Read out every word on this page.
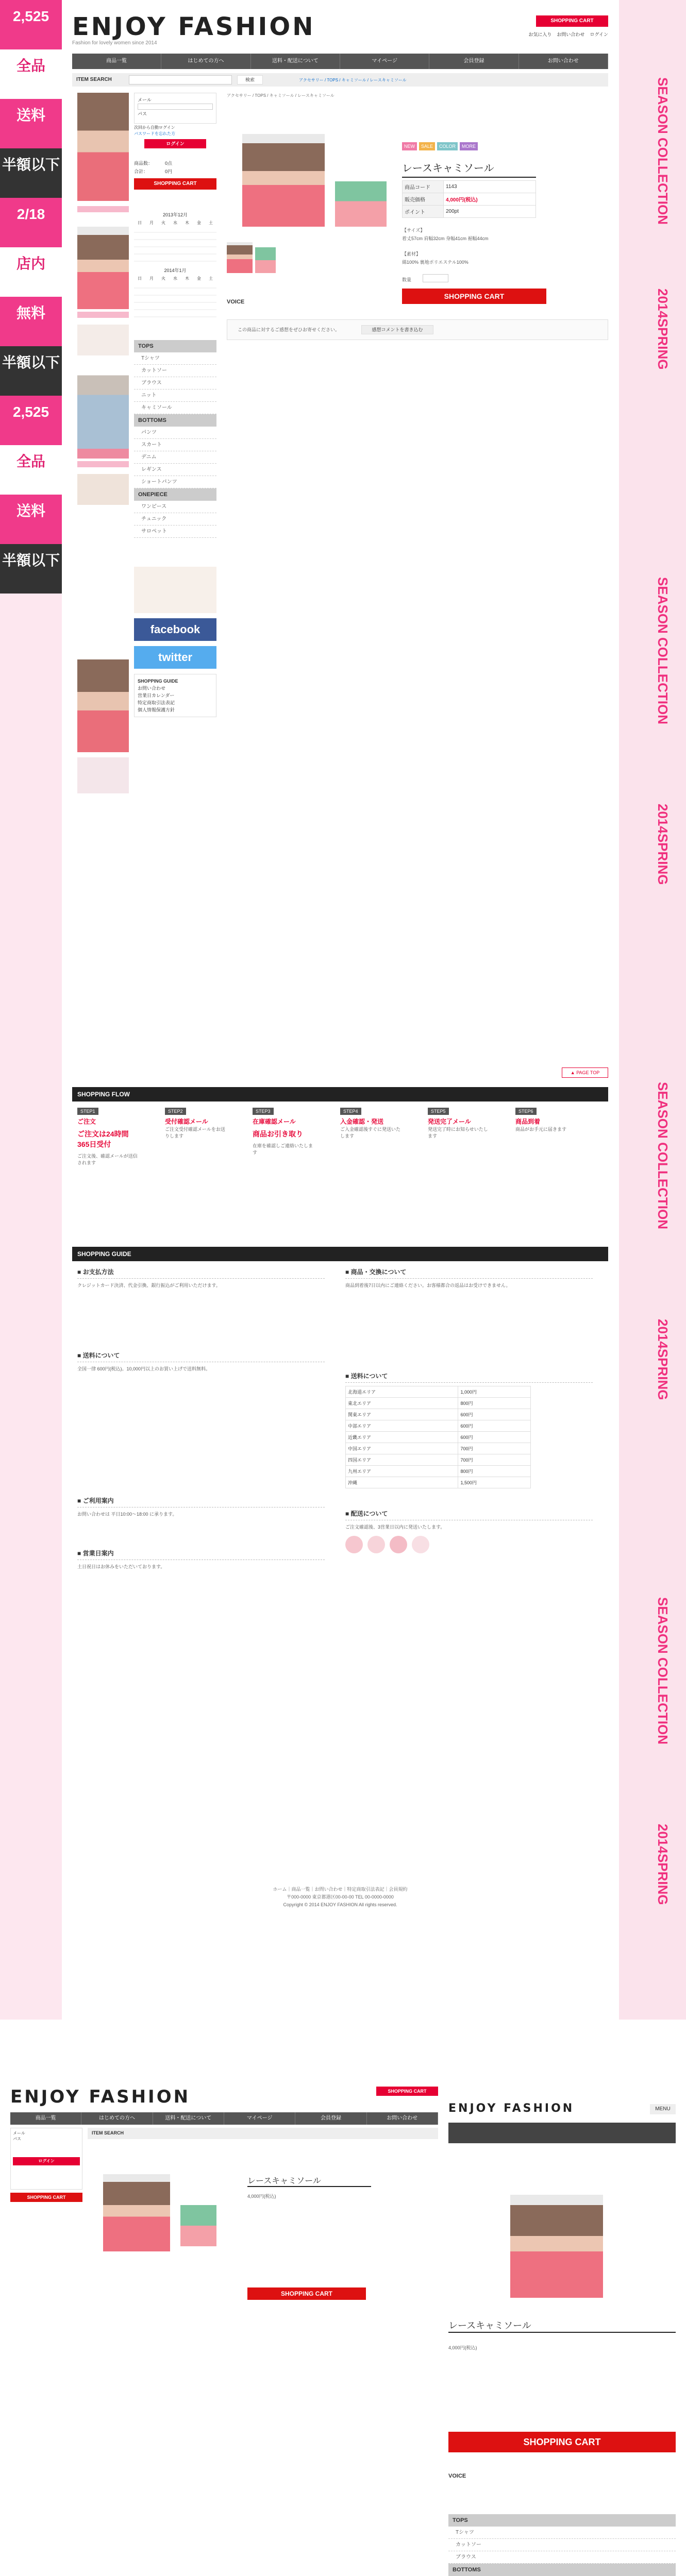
2,525
全品
送料
半額以下
2/18
店内
無料
半額以下
2,525
全品
送料
半額以下
SEASON COLLECTION
2014SPRING
SEASON COLLECTION
2014SPRING
SEASON COLLECTION
2014SPRING
SEASON COLLECTION
2014SPRING
ENJOY FASHION
Fashion for lovely women since 2014
お気に入り お問い合わせ ログイン
SHOPPING CART
商品一覧	はじめての方へ	送料・配送について	マイページ	会員登録	お問い合わせ
ITEM SEARCH	検索	アクセサリー / TOPS / キャミソール / レースキャミソール
メール
パス
次回から自動ログイン
パスワードを忘れた方
ログイン
商品数：	0点
合計：	0円
SHOPPING CART
2013年12月
日	月	火	水	木	金	土
2014年1月
日	月	火	水	木	金	土
TOPS
Tシャツ
カットソー
ブラウス
ニット
キャミソール
BOTTOMS
パンツ
スカート
デニム
レギンス
ショートパンツ
ONEPIECE
ワンピース
チュニック
サロペット
facebook
twitter
SHOPPING GUIDE
お問い合わせ
営業日カレンダー
特定商取引法表記
個人情報保護方針
アクセサリー / TOPS / キャミソール / レースキャミソール
NEW	SALE	COLOR	MORE
レースキャミソール
商品コード	1143
販売価格	4,000円(税込)
ポイント	200pt
【サイズ】
着丈57cm 肩幅32cm 身幅41cm 裾幅44cm
【素材】
綿100% 裏地ポリエステル100%
数量
SHOPPING CART
VOICE
この商品に対するご感想をぜひお寄せください。	感想コメントを書き込む
▲ PAGE TOP
SHOPPING FLOW
STEP1
ご注文
ご注文は24時間365日受付
ご注文後、確認メールが送信されます
STEP2
受付確認メール
ご注文受付確認メールをお送りします
STEP3
在庫確認メール
商品お引き取り
在庫を確認しご連絡いたします
STEP4
入金確認・発送
ご入金確認後すぐに発送いたします
STEP5
発送完了メール
発送完了時にお知らせいたします
STEP6
商品到着
商品がお手元に届きます
SHOPPING GUIDE
■ お支払方法
クレジットカード決済、代金引換、銀行振込がご利用いただけます。
■ 送料について
全国一律 600円(税込)。10,000円以上のお買い上げで送料無料。
■ ご利用案内
お問い合わせは 平日10:00〜18:00 に承ります。
■ 営業日案内
土日祝日はお休みをいただいております。
■ 商品・交換について
商品到着後7日以内にご連絡ください。お客様都合の返品はお受けできません。
■ 送料について
北海道エリア	1,000円
東北エリア	800円
関東エリア	600円
中部エリア	600円
近畿エリア	600円
中国エリア	700円
四国エリア	700円
九州エリア	800円
沖縄	1,500円
■ 配送について
ご注文確認後、3営業日以内に発送いたします。

ホーム｜商品一覧｜お問い合わせ｜特定商取引法表記｜会員規約
〒000-0000 東京都港区00-00-00 TEL 00-0000-0000
Copyright © 2014 ENJOY FASHION All rights reserved.
ENJOY FASHION	SHOPPING CART
商品一覧	はじめての方へ	送料・配送について	マイページ	会員登録	お問い合わせ
メール
パス
ログイン
SHOPPING CART
ITEM SEARCH
レースキャミソール
4,000円(税込)
SHOPPING CART
ENJOY FASHION	MENU
レースキャミソール
4,000円(税込)
SHOPPING CART
VOICE
TOPS
Tシャツ
カットソー
ブラウス
BOTTOMS
